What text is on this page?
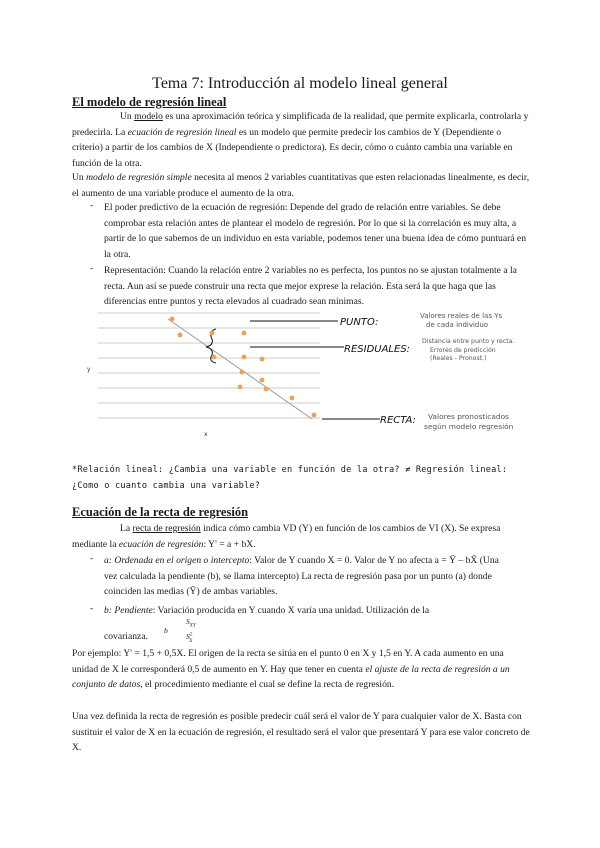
Tema 7: Introducción al modelo lineal general
El modelo de regresión lineal
Un modelo es una aproximación teórica y simplificada de la realidad, que permite explicarla, controlarla y predecirla. La ecuación de regresión lineal es un modelo que permite predecir los cambios de Y (Dependiente o criterio) a partir de los cambios de X (Independiente o predictora). Es decir, cómo o cuánto cambia una variable en función de la otra.
Un modelo de regresión simple necesita al menos 2 variables cuantitativas que esten relacionadas linealmente, es decir, el aumento de una variable produce el aumento de la otra.
- El poder predictivo de la ecuación de regresión: Depende del grado de relación entre variables. Se debe comprobar esta relación antes de plantear el modelo de regresión. Por lo que si la correlación es muy alta, a partir de lo que sabemos de un individuo en esta variable, podemos tener una buena idea de cómo puntuará en la otra.
- Representación: Cuando la relación entre 2 variables no es perfecta, los puntos no se ajustan totalmente a la recta. Aun así se puede construir una recta que mejor exprese la relación. Esta será la que haga que las diferencias entre puntos y recta elevados al cuadrado sean mínimas.
y
x
PUNTO:
Valores reales de las Ys
de cada individuo
RESIDUALES:
Distancia entre punto y recta.
Errores de predicción
(Reales - Pronost.)
RECTA: Valores pronosticados
según modelo regresión
*Relación lineal: ¿Cambia una variable en función de la otra? ≠ Regresión lineal:
¿Como o cuanto cambia una variable?
Ecuación de la recta de regresión
La recta de regresión indica cómo cambia VD (Y) en función de los cambios de VI (X). Se expresa mediante la ecuación de regresión: Y' = a + bX.
- a: Ordenada en el origen o intercepto: Valor de Y cuando X = 0. Valor de Y no afecta a = Ȳ – bX̄ (Una vez calculada la pendiente (b), se llama intercepto) La recta de regresión pasa por un punto (a) donde coinciden las medias (Ȳ) de ambas variables.
- b: Pendiente: Variación producida en Y cuando X varía una unidad. Utilización de la
covarianza.
b
$S_{XY}$
$S^2_X$
Por ejemplo: Y' = 1,5 + 0,5X. El origen de la recta se sitúa en el punto 0 en X y 1,5 en Y. A cada aumento en una unidad de X le corresponderá 0,5 de aumento en Y. Hay que tener en cuenta el ajuste de la recta de regresión a un conjunto de datos, el procedimiento mediante el cual se define la recta de regresión.
Una vez definida la recta de regresión es posible predecir cuál será el valor de Y para cualquier valor de X. Basta con sustituir el valor de X en la ecuación de regresión, el resultado será el valor que presentará Y para ese valor concreto de X.
